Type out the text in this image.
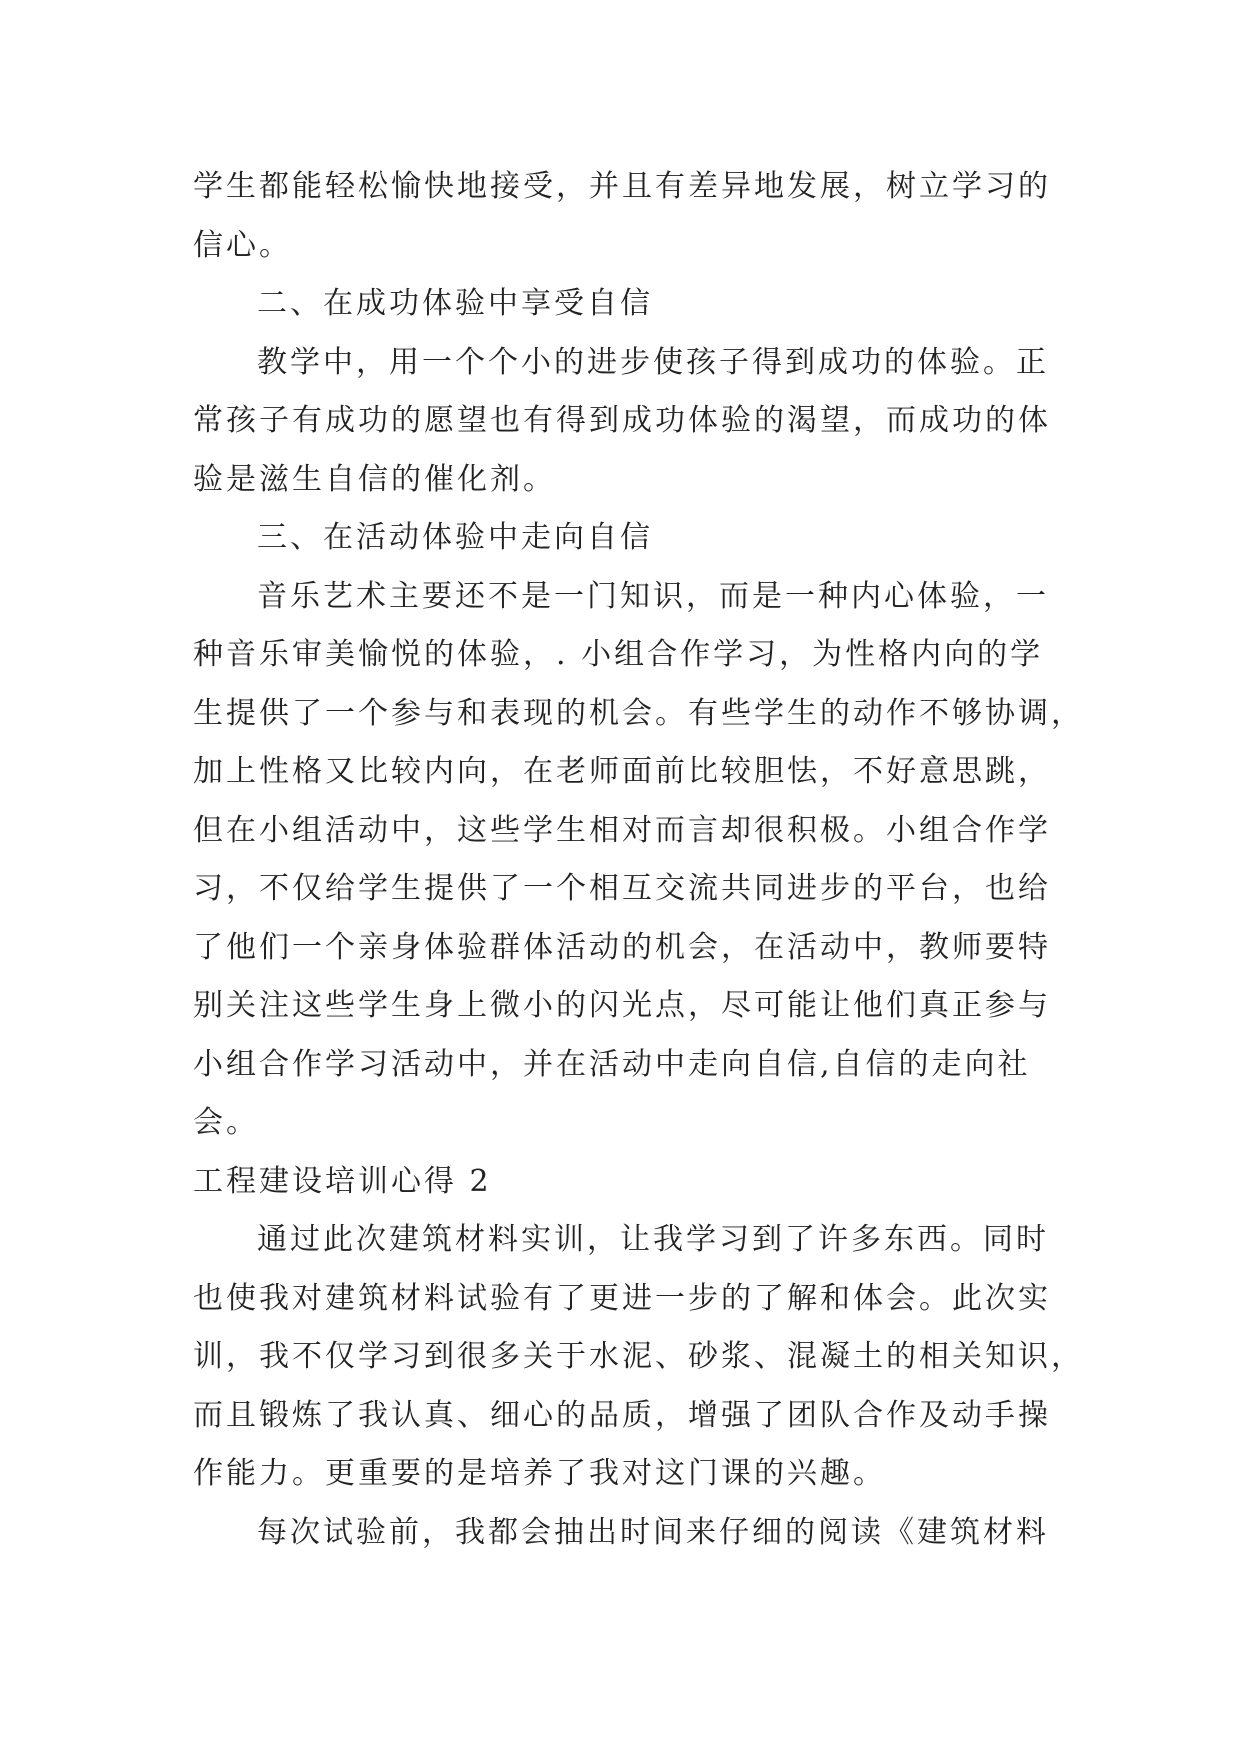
学生都能轻松愉快地接受，并且有差异地发展，树立学习的
信心。
二、在成功体验中享受自信
教学中，用一个个小的进步使孩子得到成功的体验。正
常孩子有成功的愿望也有得到成功体验的渴望，而成功的体
验是滋生自信的催化剂。
三、在活动体验中走向自信
音乐艺术主要还不是一门知识，而是一种内心体验，一
种音乐审美愉悦的体验，. 小组合作学习，为性格内向的学
生提供了一个参与和表现的机会。有些学生的动作不够协调，
加上性格又比较内向，在老师面前比较胆怯，不好意思跳，
但在小组活动中，这些学生相对而言却很积极。小组合作学
习，不仅给学生提供了一个相互交流共同进步的平台，也给
了他们一个亲身体验群体活动的机会，在活动中，教师要特
别关注这些学生身上微小的闪光点，尽可能让他们真正参与
小组合作学习活动中，并在活动中走向自信,自信的走向社
会。
工程建设培训心得 2
通过此次建筑材料实训，让我学习到了许多东西。同时
也使我对建筑材料试验有了更进一步的了解和体会。此次实
训，我不仅学习到很多关于水泥、砂浆、混凝土的相关知识，
而且锻炼了我认真、细心的品质，增强了团队合作及动手操
作能力。更重要的是培养了我对这门课的兴趣。
每次试验前，我都会抽出时间来仔细的阅读《建筑材料
